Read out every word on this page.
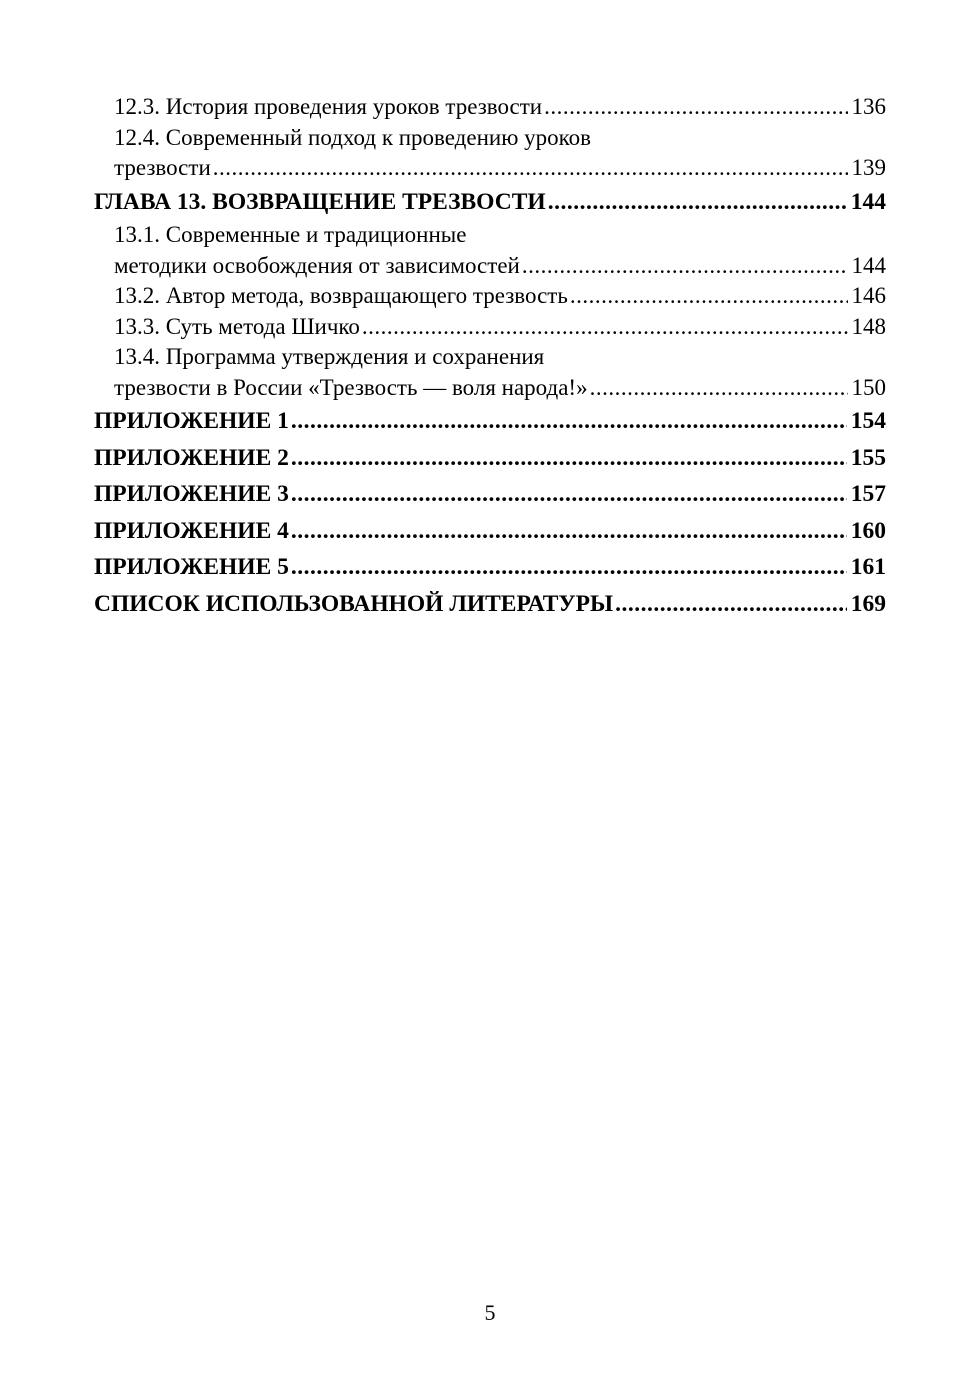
12.3. История проведения уроков трезвости .....	136
12.4. Современный подход к проведению уроков
трезвости .....	139
ГЛАВА 13. ВОЗВРАЩЕНИЕ ТРЕЗВОСТИ .....	144
13.1. Современные и традиционные
методики освобождения от зависимостей .....	144
13.2. Автор метода, возвращающего трезвость .....	146
13.3. Суть метода Шичко .....	148
13.4. Программа утверждения и сохранения
трезвости в России «Трезвость — воля народа!» .....	150
ПРИЛОЖЕНИЕ 1 .....	154
ПРИЛОЖЕНИЕ 2 .....	155
ПРИЛОЖЕНИЕ 3 .....	157
ПРИЛОЖЕНИЕ 4 .....	160
ПРИЛОЖЕНИЕ 5 .....	161
СПИСОК ИСПОЛЬЗОВАННОЙ ЛИТЕРАТУРЫ .....	169
5
